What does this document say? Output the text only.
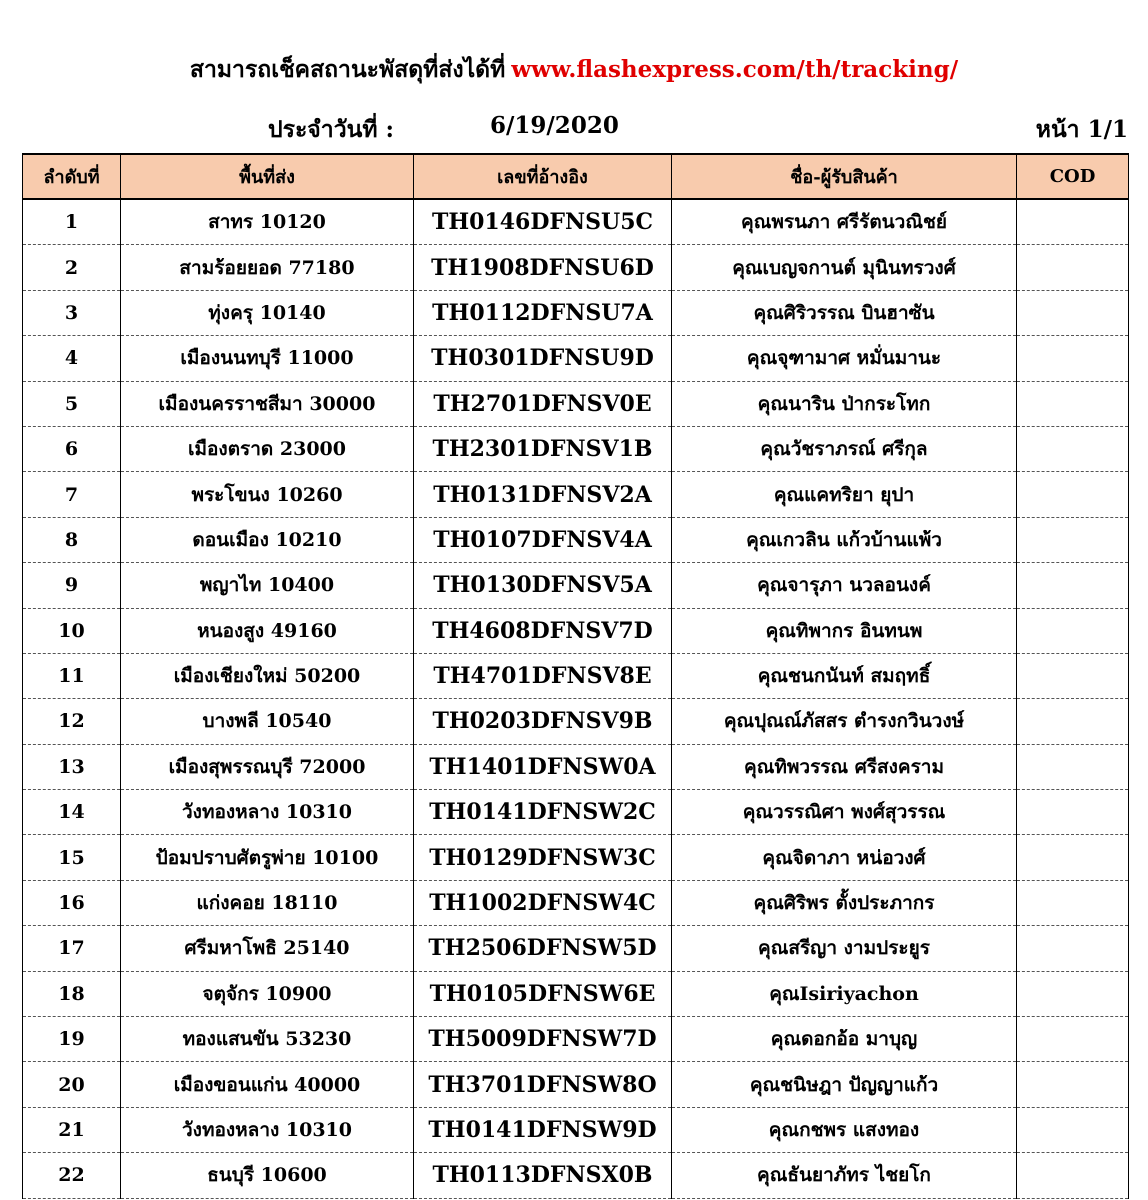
สามารถเช็คสถานะพัสดุที่ส่งได้ที่ www.flashexpress.com/th/tracking/
ประจำวันที่ :	6/19/2020	หน้า 1/1
ลำดับที่	พื้นที่ส่ง	เลขที่อ้างอิง	ชื่อ-ผู้รับสินค้า	COD
1	สาทร 10120	TH0146DFNSU5C	คุณพรนภา ศรีรัตนวณิชย์	
2	สามร้อยยอด 77180	TH1908DFNSU6D	คุณเบญจกานต์ มุนินทรวงศ์	
3	ทุ่งครุ 10140	TH0112DFNSU7A	คุณศิริวรรณ บินฮาซัน	
4	เมืองนนทบุรี 11000	TH0301DFNSU9D	คุณจุฑามาศ หมั่นมานะ	
5	เมืองนครราชสีมา 30000	TH2701DFNSV0E	คุณนาริน ป่ากระโทก	
6	เมืองตราด 23000	TH2301DFNSV1B	คุณวัชราภรณ์ ศรีกุล	
7	พระโขนง 10260	TH0131DFNSV2A	คุณแคทริยา ยุปา	
8	ดอนเมือง 10210	TH0107DFNSV4A	คุณเกวลิน แก้วบ้านแพ้ว	
9	พญาไท 10400	TH0130DFNSV5A	คุณจารุภา นวลอนงค์	
10	หนองสูง 49160	TH4608DFNSV7D	คุณทิพากร อินทนพ	
11	เมืองเชียงใหม่ 50200	TH4701DFNSV8E	คุณชนกนันท์ สมฤทธิ์	
12	บางพลี 10540	TH0203DFNSV9B	คุณปุณณ์ภัสสร ตำรงกวินวงษ์	
13	เมืองสุพรรณบุรี 72000	TH1401DFNSW0A	คุณทิพวรรณ ศรีสงคราม	
14	วังทองหลาง 10310	TH0141DFNSW2C	คุณวรรณิศา พงศ์สุวรรณ	
15	ป้อมปราบศัตรูพ่าย 10100	TH0129DFNSW3C	คุณจิดาภา หน่อวงศ์	
16	แก่งคอย 18110	TH1002DFNSW4C	คุณศิริพร ตั้งประภากร	
17	ศรีมหาโพธิ 25140	TH2506DFNSW5D	คุณสรีญา งามประยูร	
18	จตุจักร 10900	TH0105DFNSW6E	คุณIsiriyachon	
19	ทองแสนขัน 53230	TH5009DFNSW7D	คุณดอกอ้อ มาบุญ	
20	เมืองขอนแก่น 40000	TH3701DFNSW8O	คุณชนิษฎา ปัญญาแก้ว	
21	วังทองหลาง 10310	TH0141DFNSW9D	คุณกชพร แสงทอง	
22	ธนบุรี 10600	TH0113DFNSX0B	คุณธันยาภัทร ไชยโก	
